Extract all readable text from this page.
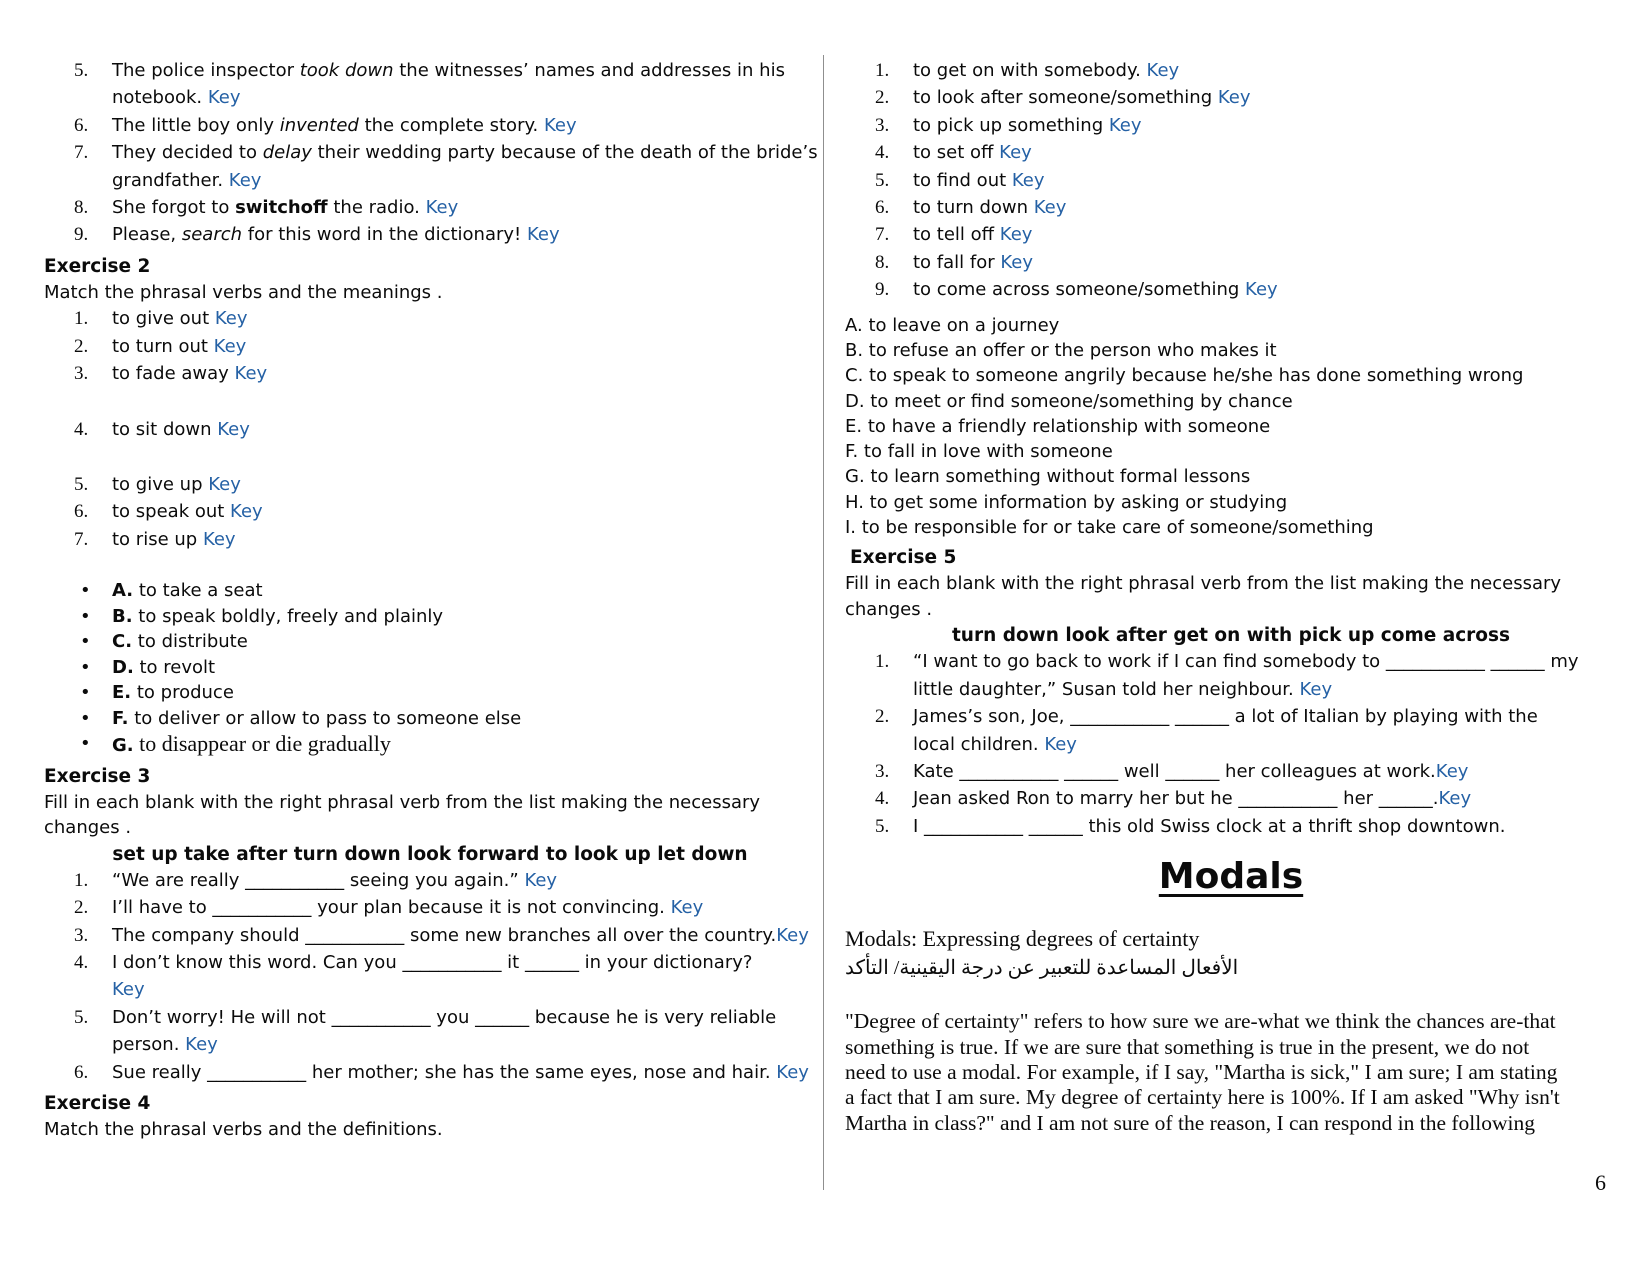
The police inspector took down the witnesses’ names and addresses in his
notebook. Key
The little boy only invented the complete story. Key
They decided to delay their wedding party because of the death of the bride’s
grandfather. Key
She forgot to switchoff the radio. Key
Please, search for this word in the dictionary! Key
Exercise 2
Match the phrasal verbs and the meanings .
to give out Key
to turn out Key
to fade away Key
to sit down Key
to give up Key
to speak out Key
to rise up Key
• A. to take a seat
• B. to speak boldly, freely and plainly
• C. to distribute
• D. to revolt
• E. to produce
• F. to deliver or allow to pass to someone else
• G. to disappear or die gradually
Exercise 3
Fill in each blank with the right phrasal verb from the list making the necessary
changes .
set up take after turn down look forward to look up let down
“We are really ___________ seeing you again.” Key
I’ll have to ___________ your plan because it is not convincing. Key
The company should ___________ some new branches all over the country.Key
I don’t know this word. Can you ___________ it ______ in your dictionary?
Key
Don’t worry! He will not ___________ you ______ because he is very reliable
person. Key
Sue really ___________ her mother; she has the same eyes, nose and hair. Key
Exercise 4
Match the phrasal verbs and the definitions.
to get on with somebody. Key
to look after someone/something Key
to pick up something Key
to set off Key
to find out Key
to turn down Key
to tell off Key
to fall for Key
to come across someone/something Key
A. to leave on a journey
B. to refuse an offer or the person who makes it
C. to speak to someone angrily because he/she has done something wrong
D. to meet or find someone/something by chance
E. to have a friendly relationship with someone
F. to fall in love with someone
G. to learn something without formal lessons
H. to get some information by asking or studying
I. to be responsible for or take care of someone/something
Exercise 5
Fill in each blank with the right phrasal verb from the list making the necessary
changes .
turn down look after get on with pick up come across
“I want to go back to work if I can find somebody to ___________ ______ my
little daughter,” Susan told her neighbour. Key
James’s son, Joe, ___________ ______ a lot of Italian by playing with the
local children. Key
Kate ___________ ______ well ______ her colleagues at work.Key
Jean asked Ron to marry her but he ___________ her ______.Key
I ___________ ______ this old Swiss clock at a thrift shop downtown.
Modals
Modals: Expressing degrees of certainty
الأفعال المساعدة للتعبير عن درجة اليقينية/ التأكد
"Degree of certainty" refers to how sure we are-what we think the chances are-that
something is true. If we are sure that something is true in the present, we do not
need to use a modal. For example, if I say, "Martha is sick," I am sure; I am stating
a fact that I am sure. My degree of certainty here is 100%. If I am asked "Why isn't
Martha in class?" and I am not sure of the reason, I can respond in the following
6
